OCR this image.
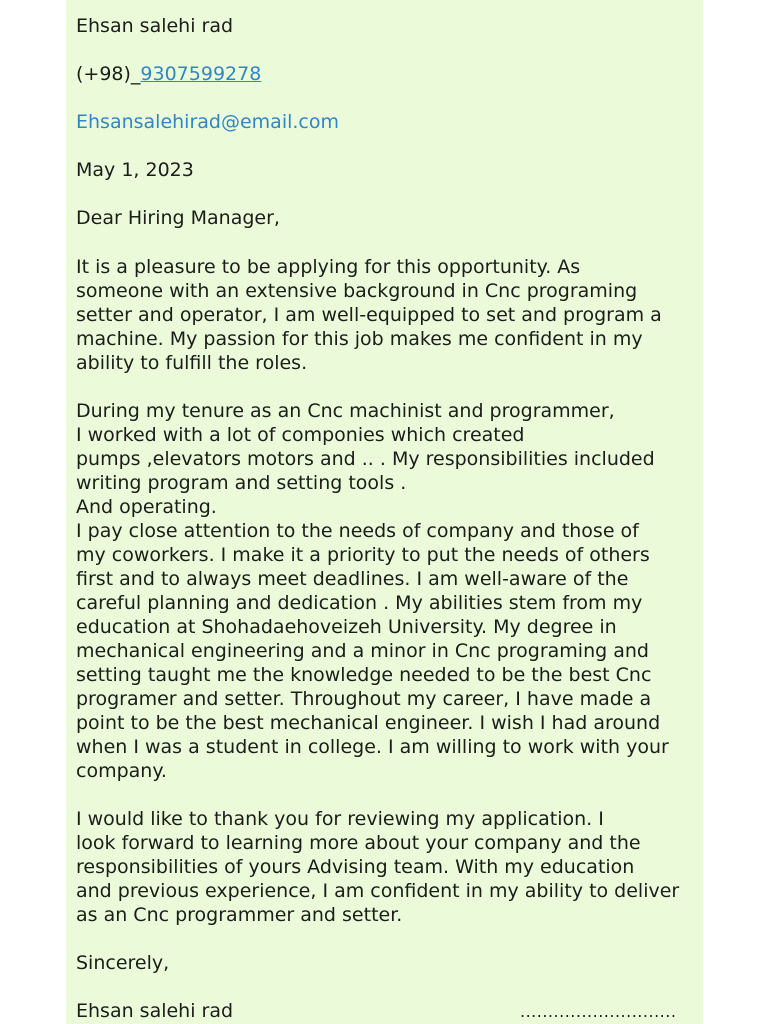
Ehsan salehi rad

(+98)_9307599278

Ehsansalehirad@email.com

May 1, 2023

Dear Hiring Manager,

It is a pleasure to be applying for this opportunity. As

someone with an extensive background in Cnc programing

setter and operator, I am well-equipped to set and program a

machine. My passion for this job makes me confident in my

ability to fulfill the roles.

During my tenure as an Cnc machinist and programmer,

I worked with a lot of componies which created

pumps ,elevators motors and .. . My responsibilities included

writing program and setting tools .

And operating.

I pay close attention to the needs of company and those of

my coworkers. I make it a priority to put the needs of others

first and to always meet deadlines. I am well-aware of the

careful planning and dedication . My abilities stem from my

education at Shohadaehoveizeh University. My degree in

mechanical engineering and a minor in Cnc programing and

setting taught me the knowledge needed to be the best Cnc

programer and setter. Throughout my career, I have made a

point to be the best mechanical engineer. I wish I had around

when I was a student in college. I am willing to work with your

company.

I would like to thank you for reviewing my application. I

look forward to learning more about your company and the

responsibilities of yours Advising team. With my education

and previous experience, I am confident in my ability to deliver

as an Cnc programmer and setter.

Sincerely,

Ehsan salehi rad	............................
